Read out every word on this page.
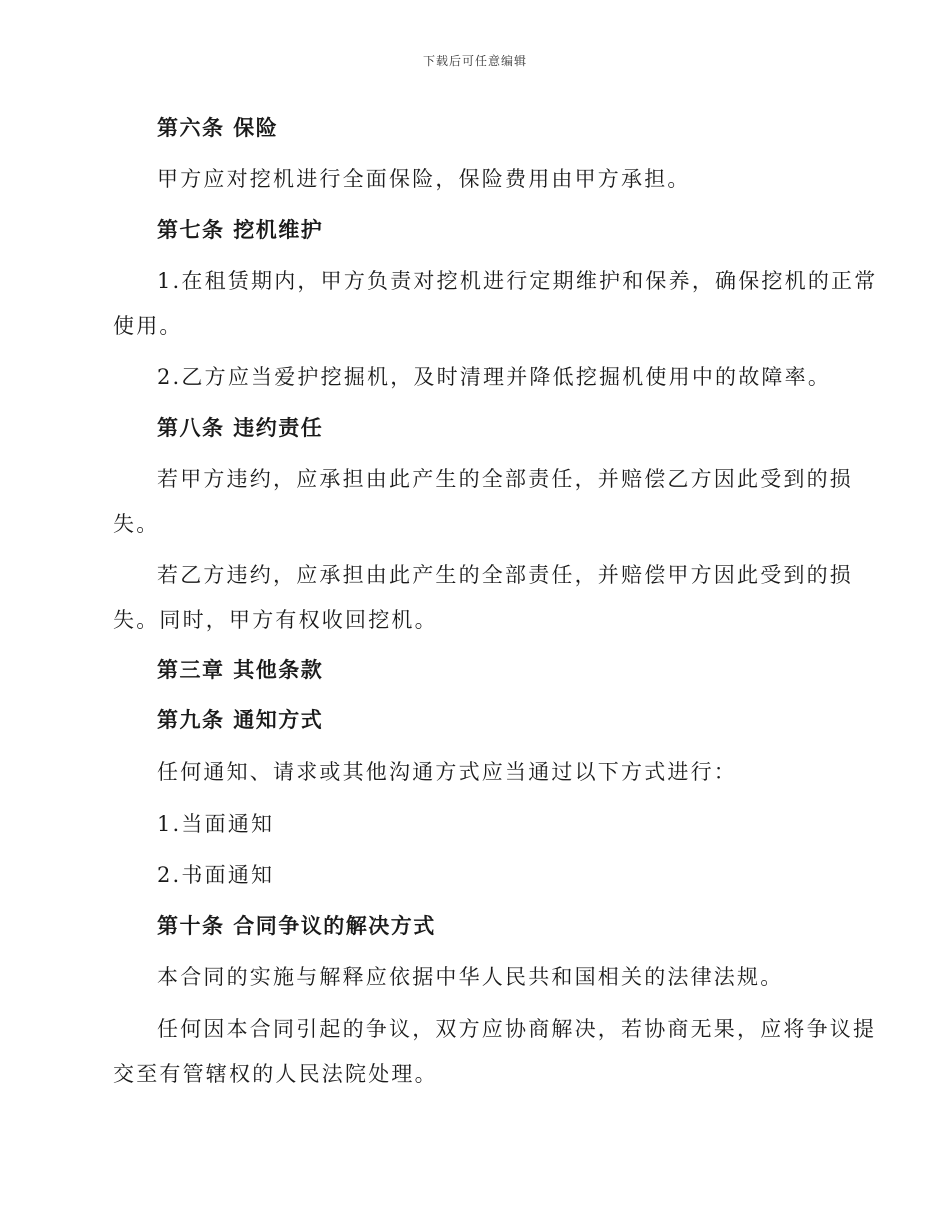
下载后可任意编辑
第六条 保险
甲方应对挖机进行全面保险，保险费用由甲方承担。
第七条 挖机维护
1.在租赁期内，甲方负责对挖机进行定期维护和保养，确保挖机的正常
使用。
2.乙方应当爱护挖掘机，及时清理并降低挖掘机使用中的故障率。
第八条 违约责任
若甲方违约，应承担由此产生的全部责任，并赔偿乙方因此受到的损
失。
若乙方违约，应承担由此产生的全部责任，并赔偿甲方因此受到的损
失。同时，甲方有权收回挖机。
第三章 其他条款
第九条 通知方式
任何通知、请求或其他沟通方式应当通过以下方式进行：
1.当面通知
2.书面通知
第十条 合同争议的解决方式
本合同的实施与解释应依据中华人民共和国相关的法律法规。
任何因本合同引起的争议，双方应协商解决，若协商无果，应将争议提
交至有管辖权的人民法院处理。
